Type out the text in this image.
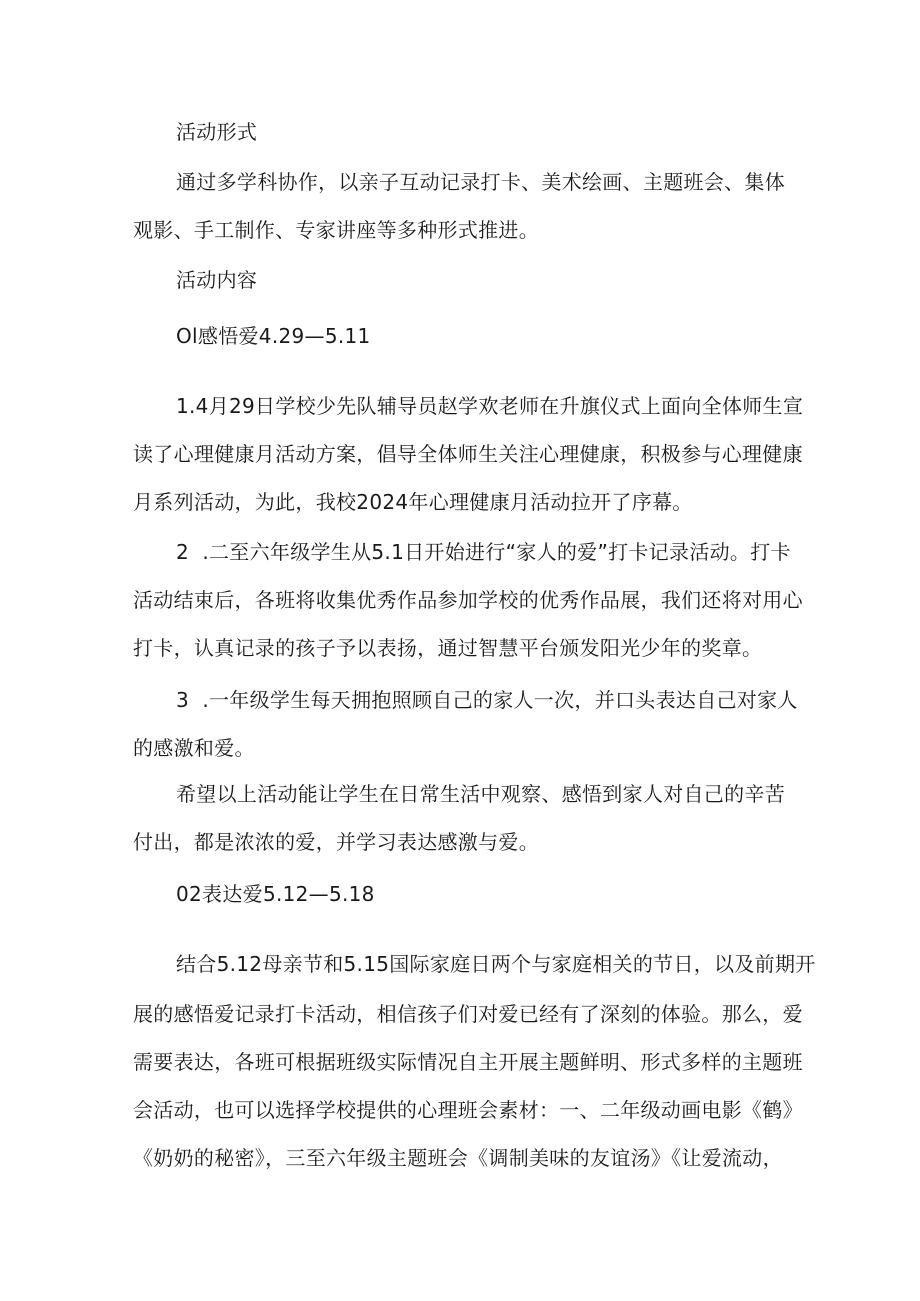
活动形式
通过多学科协作，以亲子互动记录打卡、美术绘画、主题班会、集体
观影、手工制作、专家讲座等多种形式推进。
活动内容
Ol感悟爱4.29—5.11
1.4月29日学校少先队辅导员赵学欢老师在升旗仪式上面向全体师生宣
读了心理健康月活动方案，倡导全体师生关注心理健康，积极参与心理健康
月系列活动，为此，我校2024年心理健康月活动拉开了序幕。
2  .二至六年级学生从5.1日开始进行“家人的爱”打卡记录活动。打卡
活动结束后，各班将收集优秀作品参加学校的优秀作品展，我们还将对用心
打卡，认真记录的孩子予以表扬，通过智慧平台颁发阳光少年的奖章。
3  .一年级学生每天拥抱照顾自己的家人一次，并口头表达自己对家人
的感激和爱。
希望以上活动能让学生在日常生活中观察、感悟到家人对自己的辛苦
付出，都是浓浓的爱，并学习表达感激与爱。
02表达爱5.12—5.18
结合5.12母亲节和5.15国际家庭日两个与家庭相关的节日，以及前期开
展的感悟爱记录打卡活动，相信孩子们对爱已经有了深刻的体验。那么，爱
需要表达，各班可根据班级实际情况自主开展主题鲜明、形式多样的主题班
会活动，也可以选择学校提供的心理班会素材：一、二年级动画电影《鹤》
《奶奶的秘密》，三至六年级主题班会《调制美味的友谊汤》《让爱流动，
